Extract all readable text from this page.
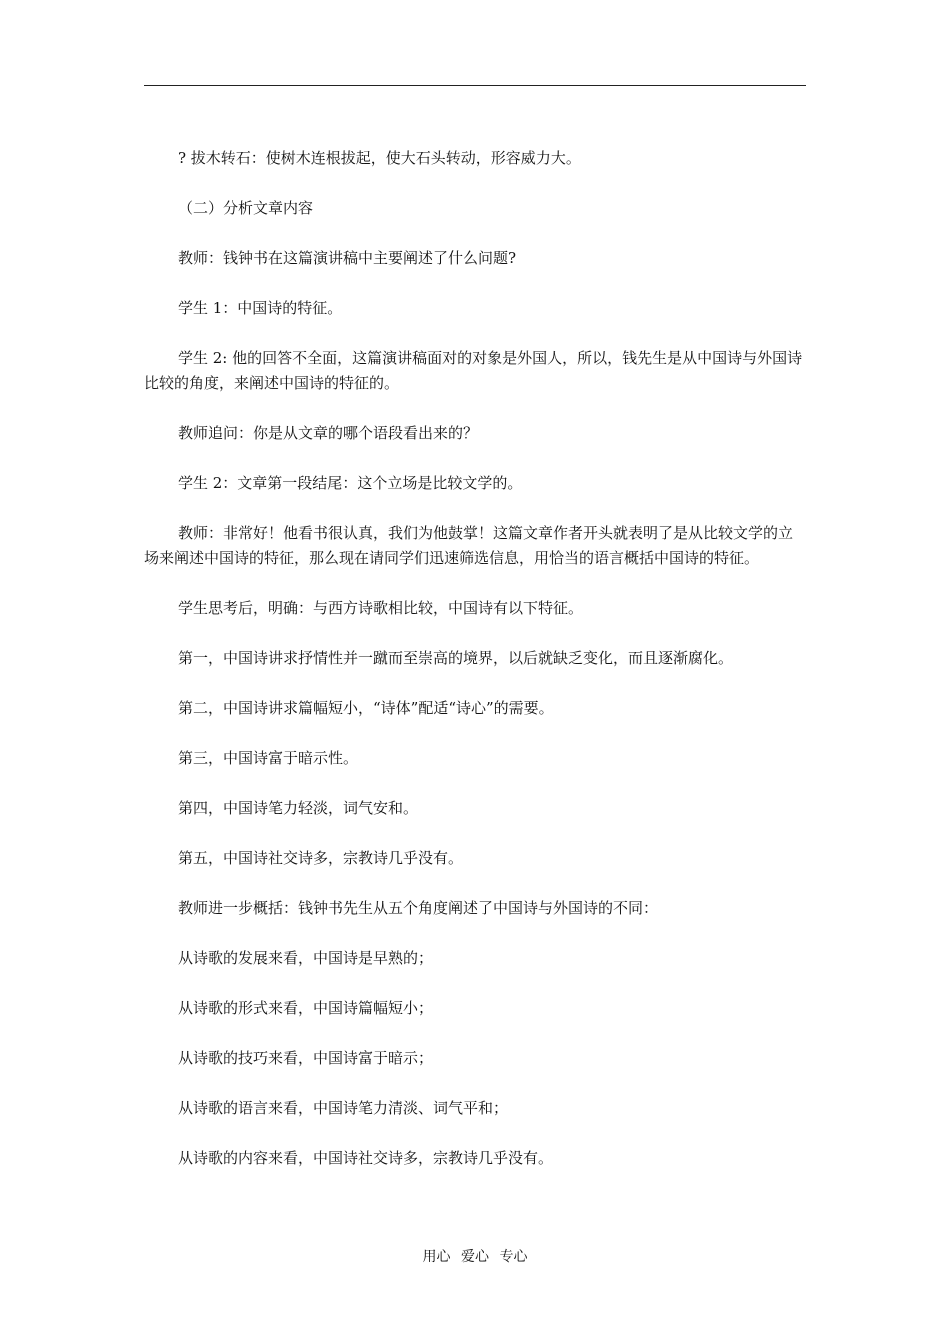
? 拔木转石：使树木连根拔起，使大石头转动，形容威力大。

（二）分析文章内容

教师：钱钟书在这篇演讲稿中主要阐述了什么问题?

学生 1：中国诗的特征。

学生 2: 他的回答不全面，这篇演讲稿面对的对象是外国人，所以，钱先生是从中国诗与外国诗比较的角度，来阐述中国诗的特征的。

教师追问：你是从文章的哪个语段看出来的？

学生 2：文章第一段结尾：这个立场是比较文学的。

教师：非常好！他看书很认真，我们为他鼓掌！这篇文章作者开头就表明了是从比较文学的立场来阐述中国诗的特征，那么现在请同学们迅速筛选信息，用恰当的语言概括中国诗的特征。

学生思考后，明确：与西方诗歌相比较，中国诗有以下特征。

第一，中国诗讲求抒情性并一蹴而至崇高的境界，以后就缺乏变化，而且逐渐腐化。

第二，中国诗讲求篇幅短小，“诗体”配适“诗心”的需要。

第三，中国诗富于暗示性。

第四，中国诗笔力轻淡，词气安和。

第五，中国诗社交诗多，宗教诗几乎没有。

教师进一步概括：钱钟书先生从五个角度阐述了中国诗与外国诗的不同：

从诗歌的发展来看，中国诗是早熟的；

从诗歌的形式来看，中国诗篇幅短小；

从诗歌的技巧来看，中国诗富于暗示；

从诗歌的语言来看，中国诗笔力清淡、词气平和；

从诗歌的内容来看，中国诗社交诗多，宗教诗几乎没有。

用心 爱心 专心
